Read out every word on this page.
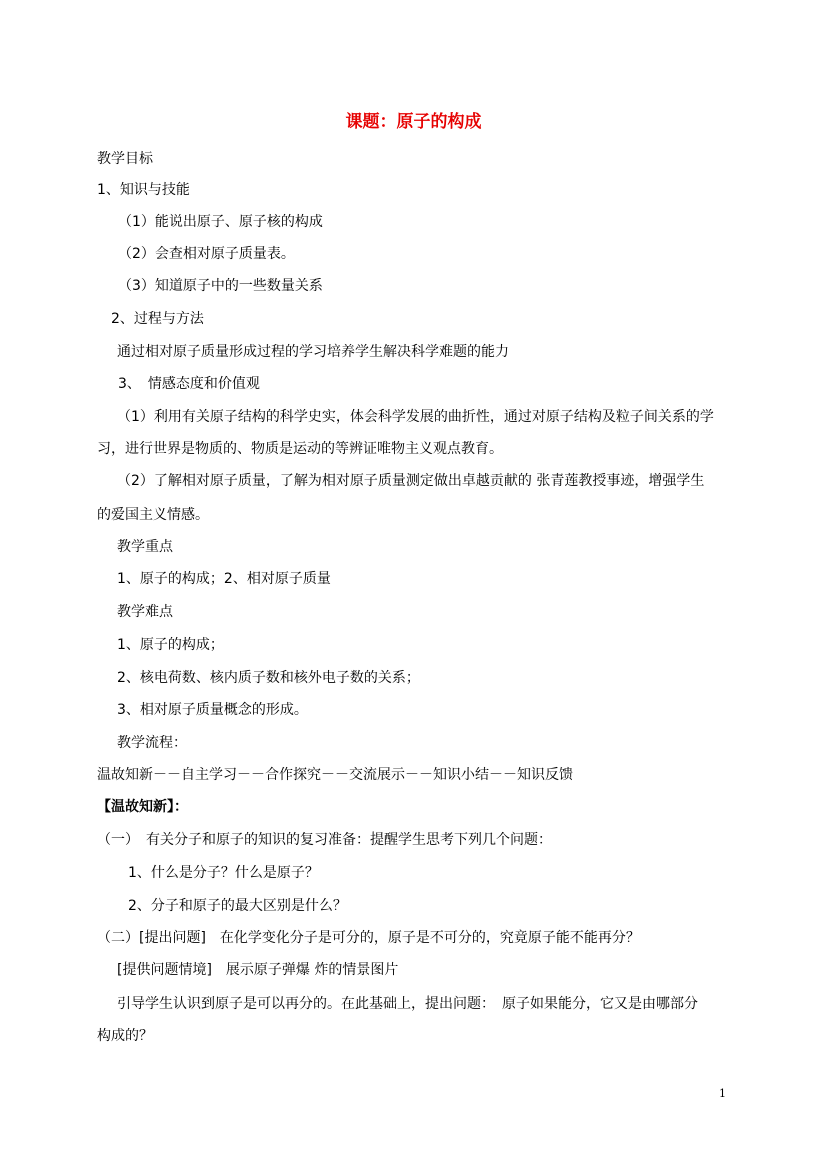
课题：原子的构成
教学目标
1、知识与技能
（1）能说出原子、原子核的构成
（2）会查相对原子质量表。
（3）知道原子中的一些数量关系
2、过程与方法
通过相对原子质量形成过程的学习培养学生解决科学难题的能力
3、　情感态度和价值观
（1）利用有关原子结构的科学史实，体会科学发展的曲折性，通过对原子结构及粒子间关系的学
习，进行世界是物质的、物质是运动的等辨证唯物主义观点教育。
（2）了解相对原子质量，了解为相对原子质量测定做出卓越贡献的 张青莲教授事迹，增强学生
的爱国主义情感。
教学重点
1、原子的构成；2、相对原子质量
教学难点
1、原子的构成；
2、核电荷数、核内质子数和核外电子数的关系；
3、相对原子质量概念的形成。
教学流程：
温故知新－－自主学习－－合作探究－－交流展示－－知识小结－－知识反馈
【温故知新】：
（一）　有关分子和原子的知识的复习准备：提醒学生思考下列几个问题：
1、什么是分子？什么是原子？
2、分子和原子的最大区别是什么？
（二）[提出问题]　在化学变化分子是可分的，原子是不可分的，究竟原子能不能再分？
[提供问题情境]　展示原子弹爆 炸的情景图片
引导学生认识到原子是可以再分的。在此基础上，提出问题：　原子如果能分，它又是由哪部分
构成的？
1
